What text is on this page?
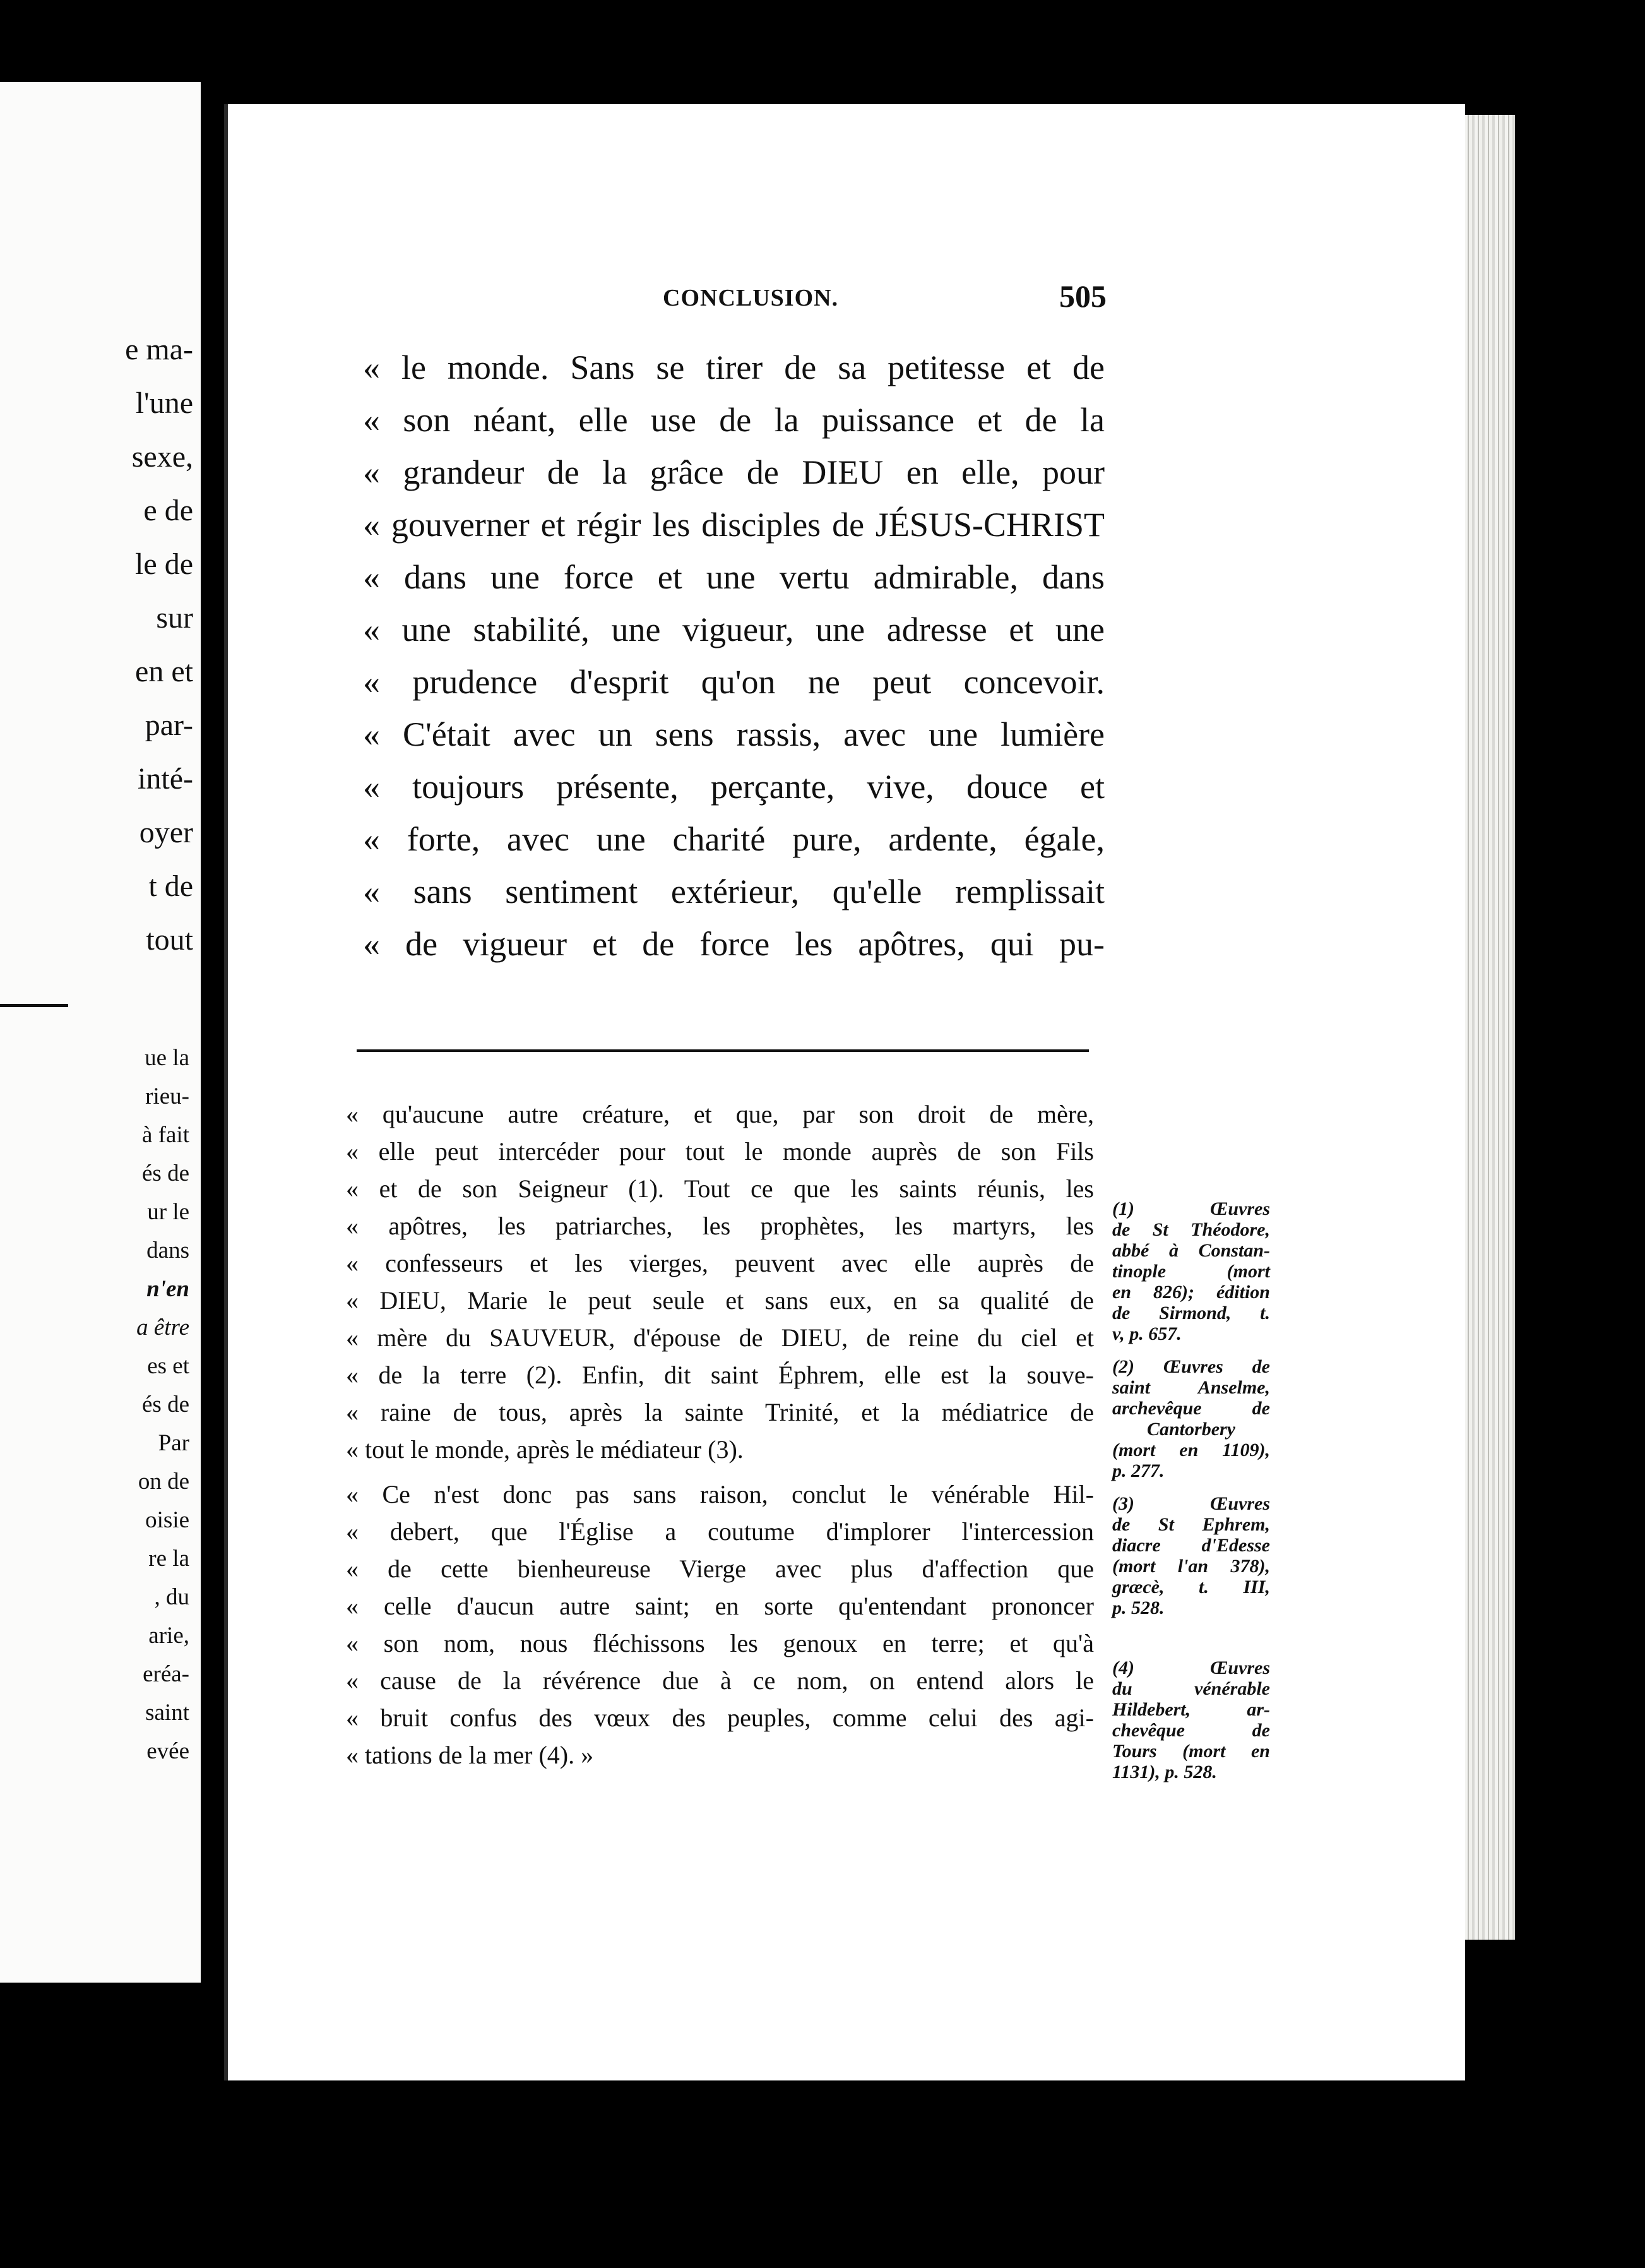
e ma-
l'une
sexe,
e de
le de
sur
en et
par-
inté-
oyer
t de
tout
ue la
rieu-
à fait
és de
ur le
dans
n'en
a être
es et
és de
Par
on de
oisie
re la
, du
arie,
eréa-
saint
evée
CONCLUSION.	505
« le monde. Sans se tirer de sa petitesse et de
« son néant, elle use de la puissance et de la
« grandeur de la grâce de DIEU en elle, pour
« gouverner et régir les disciples de JÉSUS-CHRIST
« dans une force et une vertu admirable, dans
« une stabilité, une vigueur, une adresse et une
« prudence d'esprit qu'on ne peut concevoir.
« C'était avec un sens rassis, avec une lumière
« toujours présente, perçante, vive, douce et
« forte, avec une charité pure, ardente, égale,
« sans sentiment extérieur, qu'elle remplissait
« de vigueur et de force les apôtres, qui pu-
« qu'aucune autre créature, et que, par son droit de mère,
« elle peut intercéder pour tout le monde auprès de son Fils
« et de son Seigneur (1). Tout ce que les saints réunis, les
« apôtres, les patriarches, les prophètes, les martyrs, les
« confesseurs et les vierges, peuvent avec elle auprès de
« DIEU, Marie le peut seule et sans eux, en sa qualité de
« mère du SAUVEUR, d'épouse de DIEU, de reine du ciel et
« de la terre (2). Enfin, dit saint Éphrem, elle est la souve-
« raine de tous, après la sainte Trinité, et la médiatrice de
« tout le monde, après le médiateur (3).
« Ce n'est donc pas sans raison, conclut le vénérable Hil-
« debert, que l'Église a coutume d'implorer l'intercession
« de cette bienheureuse Vierge avec plus d'affection que
« celle d'aucun autre saint; en sorte qu'entendant prononcer
« son nom, nous fléchissons les genoux en terre; et qu'à
« cause de la révérence due à ce nom, on entend alors le
« bruit confus des vœux des peuples, comme celui des agi-
« tations de la mer (4). »
(1) Œuvres
de St Théodore,
abbé à Constan-
tinople (mort
en 826); édition
de Sirmond, t.
v, p. 657.
(2) Œuvres de
saint Anselme,
archevêque de
Cantorbery
(mort en 1109),
p. 277.
(3) Œuvres
de St Ephrem,
diacre d'Edesse
(mort l'an 378),
græcè, t. III,
p. 528.
(4) Œuvres
du vénérable
Hildebert, ar-
chevêque de
Tours (mort en
1131), p. 528.
